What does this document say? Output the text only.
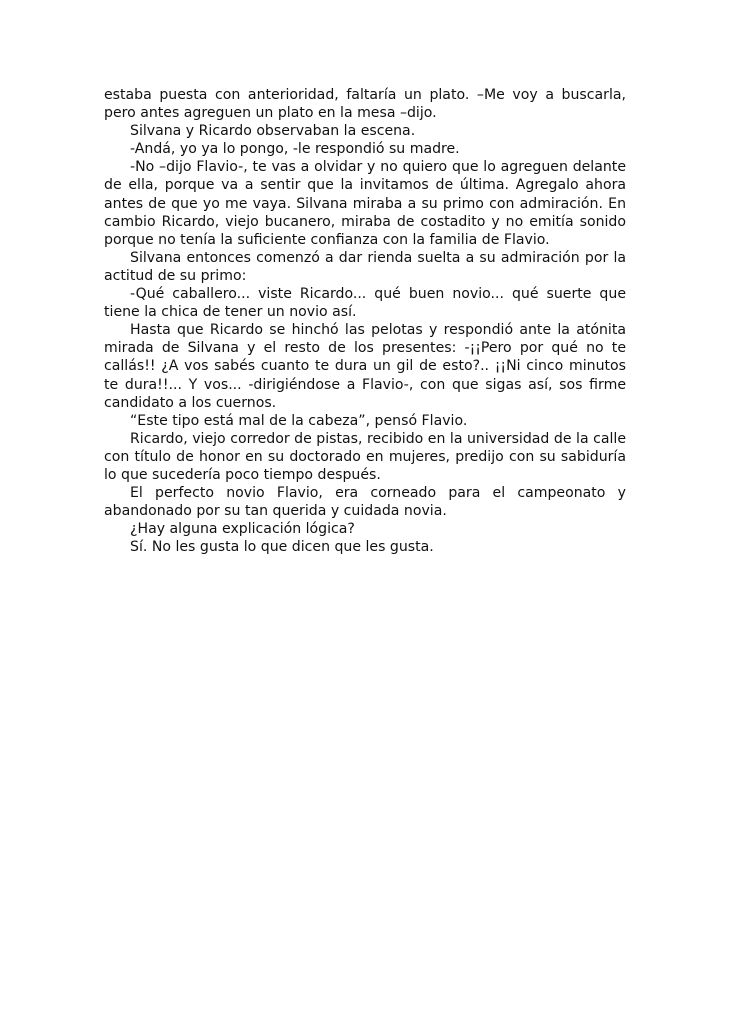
estaba puesta con anterioridad, faltaría un plato. –Me voy a buscarla, pero antes agreguen un plato en la mesa –dijo.

Silvana y Ricardo observaban la escena.

-Andá, yo ya lo pongo, -le respondió su madre.

-No –dijo Flavio-, te vas a olvidar y no quiero que lo agreguen delante de ella, porque va a sentir que la invitamos de última. Agregalo ahora antes de que yo me vaya. Silvana miraba a su primo con admiración. En cambio Ricardo, viejo bucanero, miraba de costadito y no emitía sonido porque no tenía la suficiente confianza con la familia de Flavio.

Silvana entonces comenzó a dar rienda suelta a su admiración por la actitud de su primo:

-Qué caballero... viste Ricardo... qué buen novio... qué suerte que tiene la chica de tener un novio así.

Hasta que Ricardo se hinchó las pelotas y respondió ante la atónita mirada de Silvana y el resto de los presentes: -¡¡Pero por qué no te callás!! ¿A vos sabés cuanto te dura un gil de esto?.. ¡¡Ni cinco minutos te dura!!... Y vos... -dirigiéndose a Flavio-, con que sigas así, sos firme candidato a los cuernos.

“Este tipo está mal de la cabeza”, pensó Flavio.

Ricardo, viejo corredor de pistas, recibido en la universidad de la calle con título de honor en su doctorado en mujeres, predijo con su sabiduría lo que sucedería poco tiempo después.

El perfecto novio Flavio, era corneado para el campeonato y abandonado por su tan querida y cuidada novia.

¿Hay alguna explicación lógica?

Sí. No les gusta lo que dicen que les gusta.
